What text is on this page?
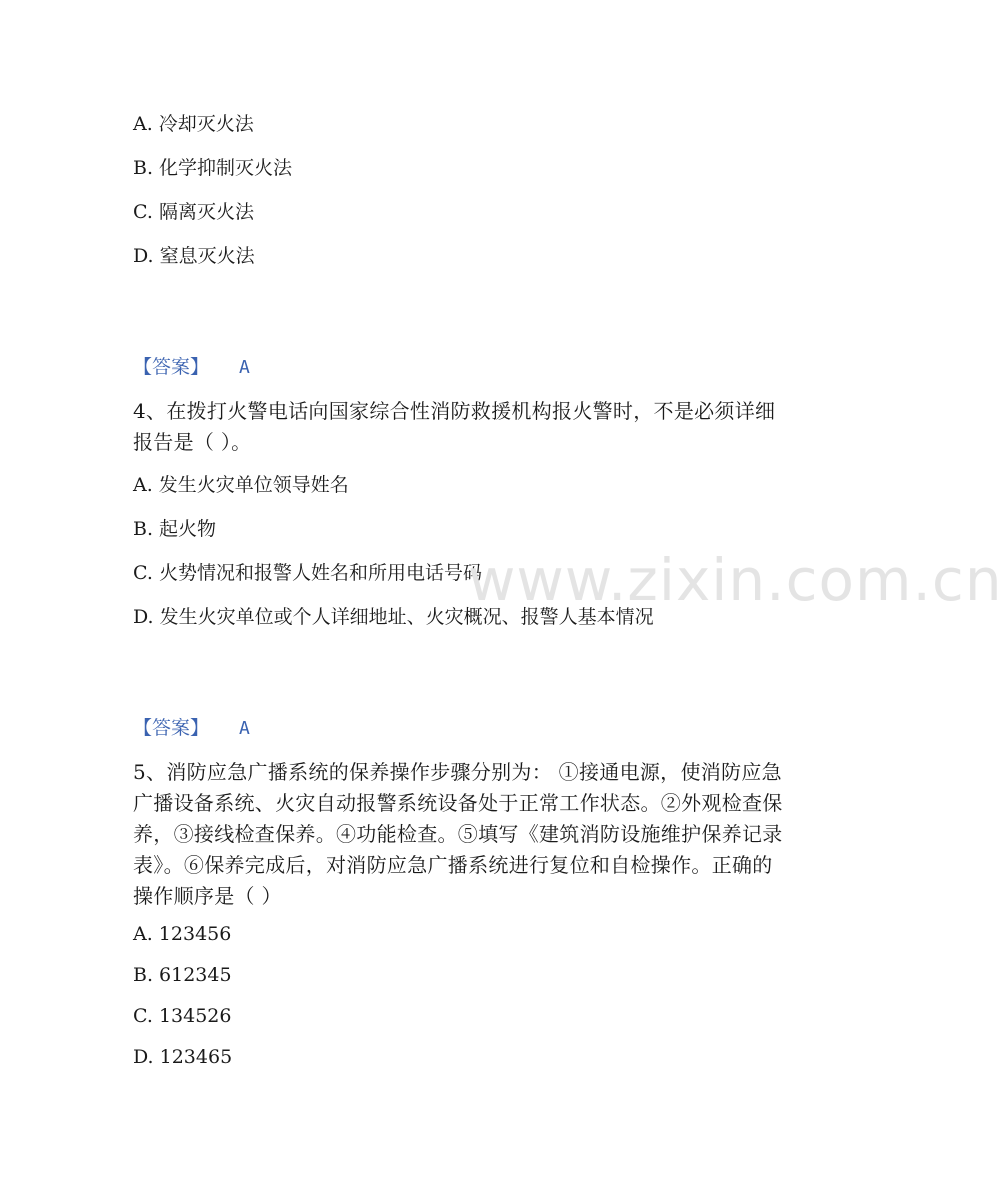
A. 冷却灭火法
B. 化学抑制灭火法
C. 隔离灭火法
D. 窒息灭火法
【答案】 A
4、在拨打火警电话向国家综合性消防救援机构报火警时，不是必须详细报告是（ ）。
A. 发生火灾单位领导姓名
B. 起火物
C. 火势情况和报警人姓名和所用电话号码
D. 发生火灾单位或个人详细地址、火灾概况、报警人基本情况
【答案】 A
5、消防应急广播系统的保养操作步骤分别为： ①接通电源，使消防应急广播设备系统、火灾自动报警系统设备处于正常工作状态。②外观检查保养，③接线检查保养。④功能检查。⑤填写《建筑消防设施维护保养记录表》。⑥保养完成后，对消防应急广播系统进行复位和自检操作。正确的操作顺序是（ ）
A. 123456
B. 612345
C. 134526
D. 123465
www.zixin.com.cn
